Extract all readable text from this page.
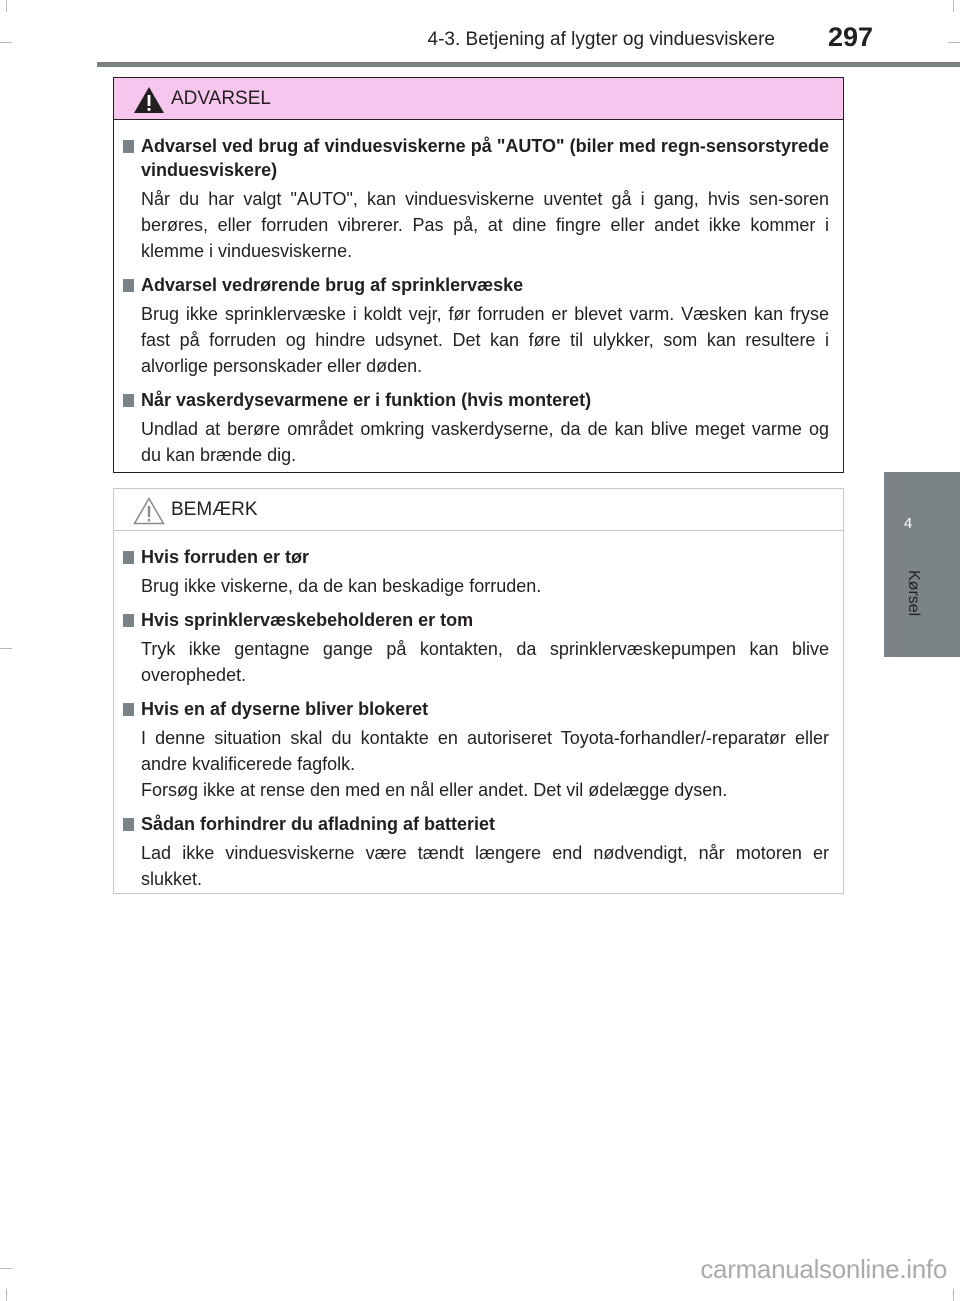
4-3. Betjening af lygter og vinduesviskere 297
4
Kørsel
ADVARSEL
Advarsel ved brug af vinduesviskerne på "AUTO" (biler med regn-sensorstyrede vinduesviskere)

Når du har valgt "AUTO", kan vinduesviskerne uventet gå i gang, hvis sen-soren berøres, eller forruden vibrerer. Pas på, at dine fingre eller andet ikke kommer i klemme i vinduesviskerne.

Advarsel vedrørende brug af sprinklervæske

Brug ikke sprinklervæske i koldt vejr, før forruden er blevet varm. Væsken kan fryse fast på forruden og hindre udsynet. Det kan føre til ulykker, som kan resultere i alvorlige personskader eller døden.

Når vaskerdysevarmene er i funktion (hvis monteret)

Undlad at berøre området omkring vaskerdyserne, da de kan blive meget varme og du kan brænde dig.

BEMÆRK
Hvis forruden er tør

Brug ikke viskerne, da de kan beskadige forruden.

Hvis sprinklervæskebeholderen er tom

Tryk ikke gentagne gange på kontakten, da sprinklervæskepumpen kan blive overophedet.

Hvis en af dyserne bliver blokeret

I denne situation skal du kontakte en autoriseret Toyota-forhandler/-reparatør eller andre kvalificerede fagfolk.

Forsøg ikke at rense den med en nål eller andet. Det vil ødelægge dysen.

Sådan forhindrer du afladning af batteriet

Lad ikke vinduesviskerne være tændt længere end nødvendigt, når motoren er slukket.

carmanualsonline.info
